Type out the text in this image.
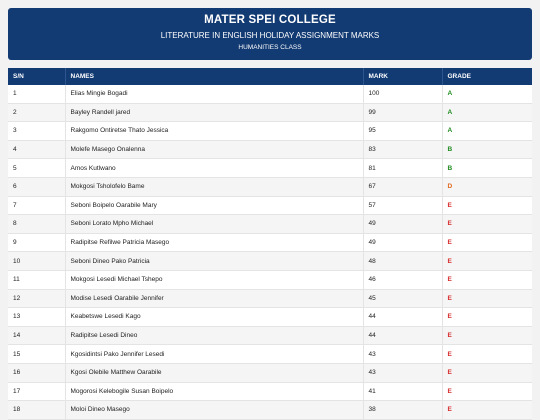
MATER SPEI COLLEGE
LITERATURE IN ENGLISH HOLIDAY ASSIGNMENT MARKS
HUMANITIES CLASS
S/N	NAMES	MARK	GRADE
1	Elias Mingie Bogadi	100	A
2	Bayley Randell jared	99	A
3	Rakgomo Ontiretse Thato Jessica	95	A
4	Molefe Masego Onalenna	83	B
5	Amos Kutlwano	81	B
6	Mokgosi Tsholofelo Bame	67	D
7	Seboni Boipelo Oarabile Mary	57	E
8	Seboni Lorato Mpho Michael	49	E
9	Radipitse Refilwe Patricia Masego	49	E
10	Seboni Dineo Pako Patricia	48	E
11	Mokgosi Lesedi Michael Tshepo	46	E
12	Modise Lesedi Oarabile Jennifer	45	E
13	Keabetswe Lesedi Kago	44	E
14	Radipitse Lesedi Dineo	44	E
15	Kgosidintsi Pako Jennifer Lesedi	43	E
16	Kgosi Olebile Matthew Oarabile	43	E
17	Mogorosi Kelebogile Susan Boipelo	41	E
18	Moloi Dineo Masego	38	E
